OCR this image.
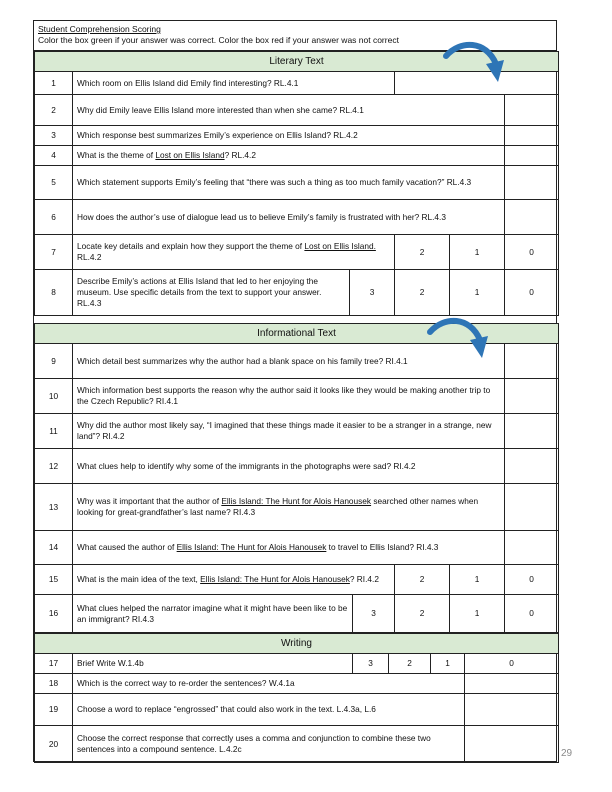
Student Comprehension Scoring
Color the box green if your answer was correct. Color the box red if your answer was not correct
Literary Text					
1	Which room on Ellis Island did Emily find interesting? RL.4.1				
2	Why did Emily leave Ellis Island more interested than when she came? RL.4.1				
3	Which response best summarizes Emily’s experience on Ellis Island? RL.4.2				
4	What is the theme of Lost on Ellis Island? RL.4.2				
5	Which statement supports Emily’s feeling that “there was such a thing as too much family vacation?” RL.4.3				
6	How does the author’s use of dialogue lead us to believe Emily’s family is frustrated with her? RL.4.3				
7	Locate key details and explain how they support the theme of Lost on Ellis Island. RL.4.2		2	1	0
8	Describe Emily’s actions at Ellis Island that led to her enjoying the museum. Use specific details from the text to support your answer. RL.4.3	3	2	1	0
Informational Text					
9	Which detail best summarizes why the author had a blank space on his family tree? RI.4.1				
10	Which information best supports the reason why the author said it looks like they would be making another trip to the Czech Republic? RI.4.1				
11	Why did the author most likely say, “I imagined that these things made it easier to be a stranger in a strange, new land”? RI.4.2				
12	What clues help to identify why some of the immigrants in the photographs were sad? RI.4.2				
13	Why was it important that the author of Ellis Island: The Hunt for Alois Hanousek searched other names when looking for great-grandfather’s last name? RI.4.3				
14	What caused the author of Ellis Island: The Hunt for Alois Hanousek to travel to Ellis Island? RI.4.3				
15	What is the main idea of the text, Ellis Island: The Hunt for Alois Hanousek? RI.4.2		2	1	0
16	What clues helped the narrator imagine what it might have been like to be an immigrant? RI.4.3	3	2	1	0
Writing					
17	Brief Write W.1.4b	3	2	1	0
18	Which is the correct way to re-order the sentences? W.4.1a				
19	Choose a word to replace “engrossed” that could also work in the text. L.4.3a, L.6				
20	Choose the correct response that correctly uses a comma and conjunction to combine these two sentences into a compound sentence. L.4.2c					29
